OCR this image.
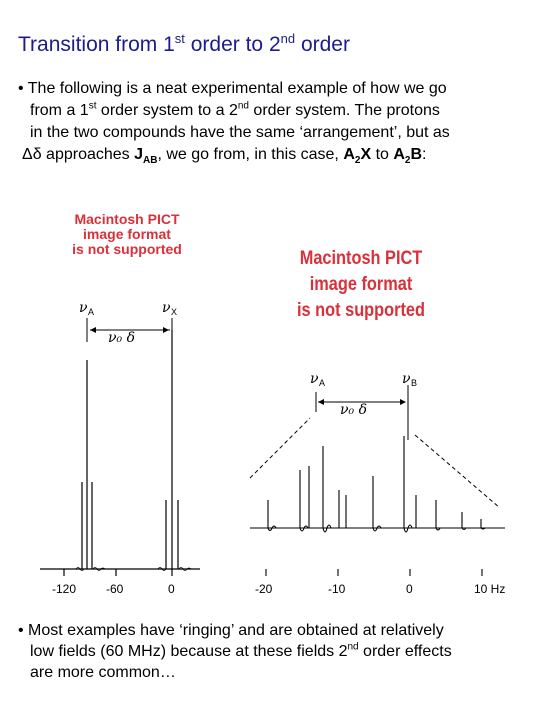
Transition from 1st order to 2nd order
• The following is a neat experimental example of how we go
from a 1st order system to a 2nd order system. The protons
in the two compounds have the same ‘arrangement’, but as
Δδ approaches $J_{AB}$, we go from, in this case, $A_2X$ to $A_2B$:
Macintosh PICT
image format
is not supported	Macintosh PICT
image format
is not supported
ν A	ν X
ν₀ δ
-120 -60	0
ν A	ν B
ν₀ δ
-20	-10	0	10 Hz
• Most examples have ‘ringing’ and are obtained at relatively
low fields (60 MHz) because at these fields 2nd order effects
are more common…
